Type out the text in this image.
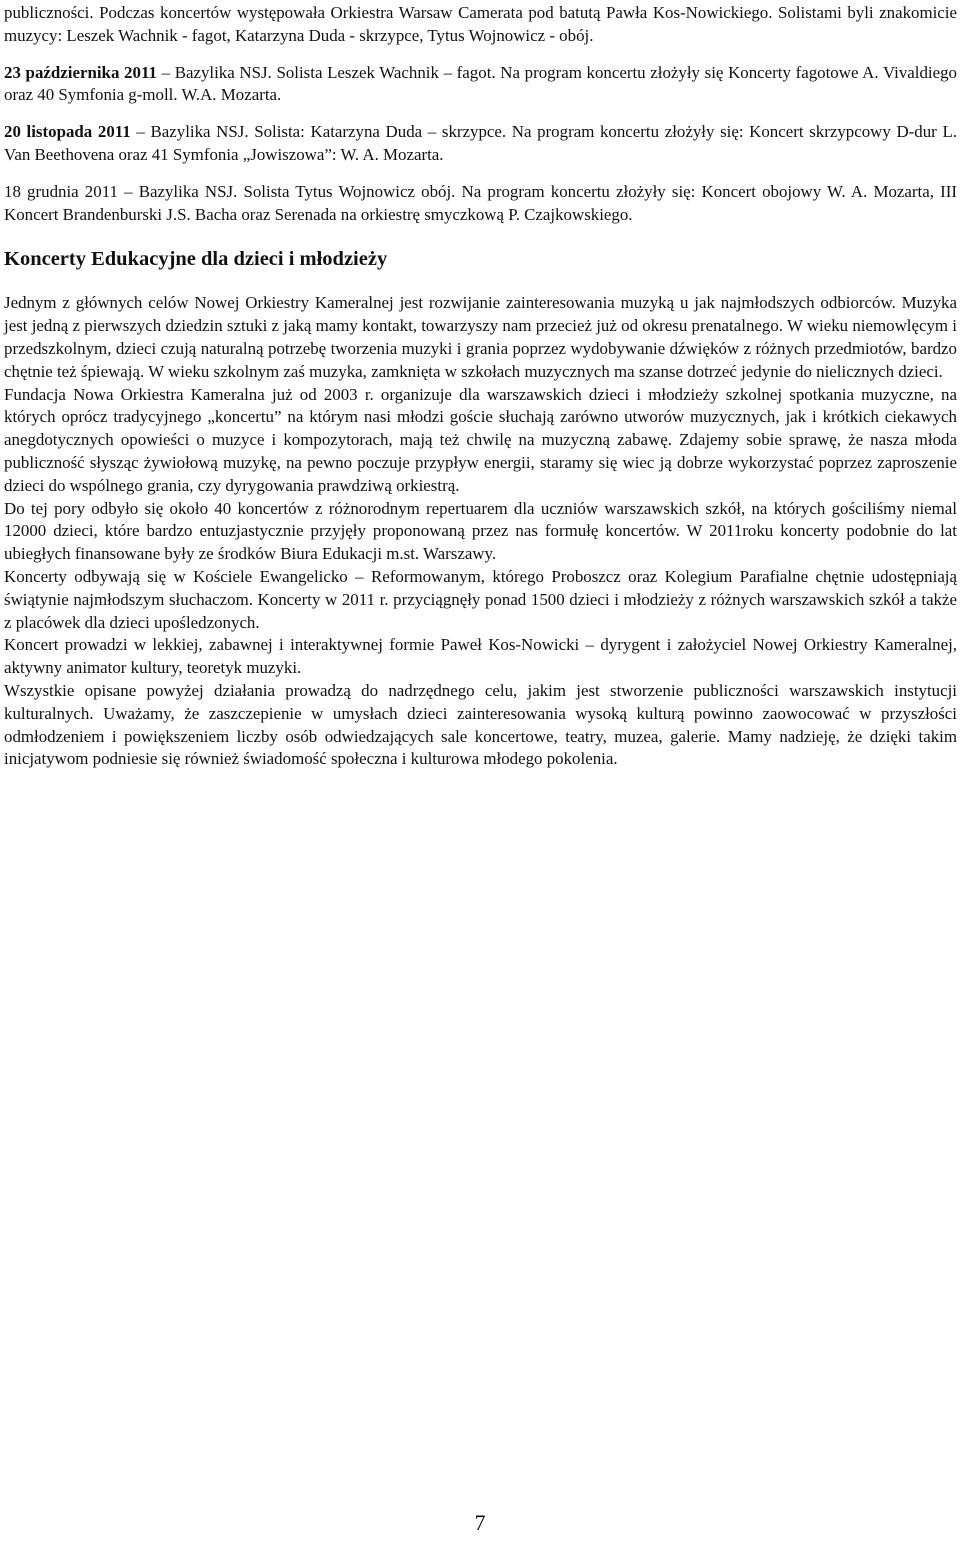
publiczności. Podczas koncertów występowała Orkiestra Warsaw Camerata pod batutą Pawła Kos-Nowickiego. Solistami byli znakomicie muzycy: Leszek Wachnik - fagot, Katarzyna Duda - skrzypce, Tytus Wojnowicz - obój.

23 października 2011 – Bazylika NSJ. Solista Leszek Wachnik – fagot. Na program koncertu złożyły się Koncerty fagotowe A. Vivaldiego oraz 40 Symfonia g-moll. W.A. Mozarta.

20 listopada 2011 – Bazylika NSJ. Solista: Katarzyna Duda – skrzypce. Na program koncertu złożyły się: Koncert skrzypcowy D-dur L. Van Beethovena oraz 41 Symfonia „Jowiszowa”: W. A. Mozarta.

18 grudnia 2011 – Bazylika NSJ. Solista Tytus Wojnowicz obój. Na program koncertu złożyły się: Koncert obojowy W. A. Mozarta, III Koncert Brandenburski J.S. Bacha oraz Serenada na orkiestrę smyczkową P. Czajkowskiego.

Koncerty Edukacyjne dla dzieci i młodzieży

Jednym z głównych celów Nowej Orkiestry Kameralnej jest rozwijanie zainteresowania muzyką u jak najmłodszych odbiorców. Muzyka jest jedną z pierwszych dziedzin sztuki z jaką mamy kontakt, towarzyszy nam przecież już od okresu prenatalnego. W wieku niemowlęcym i przedszkolnym, dzieci czują naturalną potrzebę tworzenia muzyki i grania poprzez wydobywanie dźwięków z różnych przedmiotów, bardzo chętnie też śpiewają. W wieku szkolnym zaś muzyka, zamknięta w szkołach muzycznych ma szanse dotrzeć jedynie do nielicznych dzieci.

Fundacja Nowa Orkiestra Kameralna już od 2003 r. organizuje dla warszawskich dzieci i młodzieży szkolnej spotkania muzyczne, na których oprócz tradycyjnego „koncertu” na którym nasi młodzi goście słuchają zarówno utworów muzycznych, jak i krótkich ciekawych anegdotycznych opowieści o muzyce i kompozytorach, mają też chwilę na muzyczną zabawę. Zdajemy sobie sprawę, że nasza młoda publiczność słysząc żywiołową muzykę, na pewno poczuje przypływ energii, staramy się wiec ją dobrze wykorzystać poprzez zaproszenie dzieci do wspólnego grania, czy dyrygowania prawdziwą orkiestrą.

Do tej pory odbyło się około 40 koncertów z różnorodnym repertuarem dla uczniów warszawskich szkół, na których gościliśmy niemal 12000 dzieci, które bardzo entuzjastycznie przyjęły proponowaną przez nas formułę koncertów. W 2011roku koncerty podobnie do lat ubiegłych finansowane były ze środków Biura Edukacji m.st. Warszawy.

Koncerty odbywają się w Kościele Ewangelicko – Reformowanym, którego Proboszcz oraz Kolegium Parafialne chętnie udostępniają świątynie najmłodszym słuchaczom. Koncerty w 2011 r. przyciągnęły ponad 1500 dzieci i młodzieży z różnych warszawskich szkół a także z placówek dla dzieci upośledzonych.

Koncert prowadzi w lekkiej, zabawnej i interaktywnej formie Paweł Kos-Nowicki – dyrygent i założyciel Nowej Orkiestry Kameralnej, aktywny animator kultury, teoretyk muzyki.

Wszystkie opisane powyżej działania prowadzą do nadrzędnego celu, jakim jest stworzenie publiczności warszawskich instytucji kulturalnych. Uważamy, że zaszczepienie w umysłach dzieci zainteresowania wysoką kulturą powinno zaowocować w przyszłości odmłodzeniem i powiększeniem liczby osób odwiedzających sale koncertowe, teatry, muzea, galerie. Mamy nadzieję, że dzięki takim inicjatywom podniesie się również świadomość społeczna i kulturowa młodego pokolenia.

7
